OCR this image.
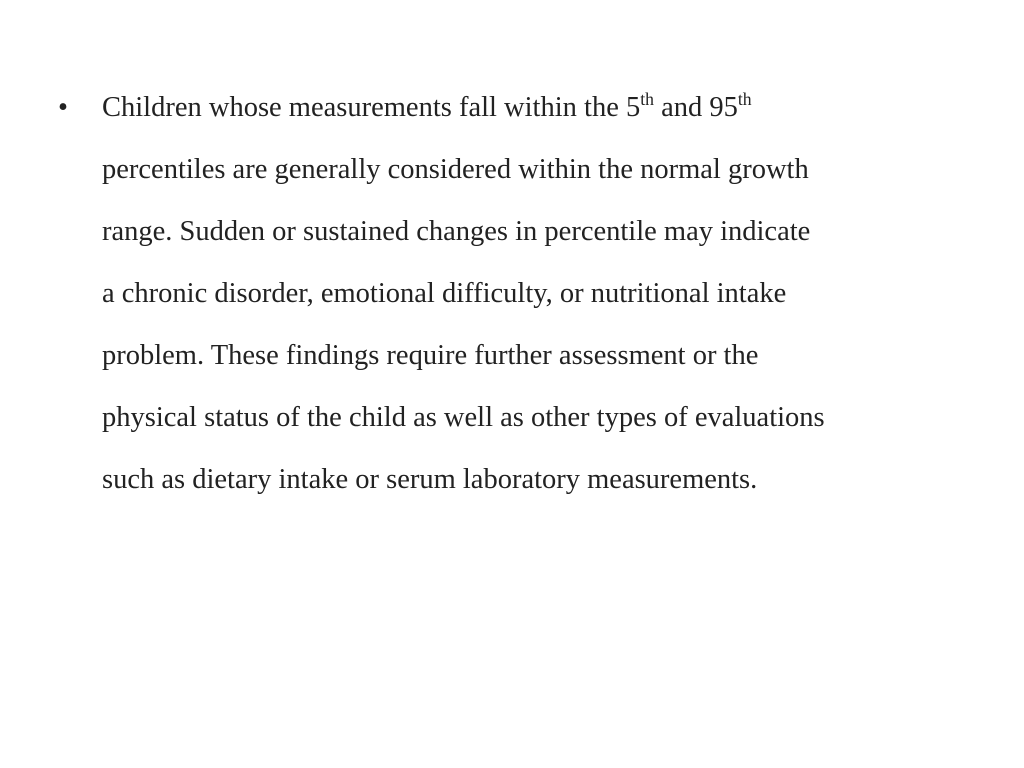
• Children whose measurements fall within the 5th and 95th
percentiles are generally considered within the normal growth
range. Sudden or sustained changes in percentile may indicate
a chronic disorder, emotional difficulty, or nutritional intake
problem. These findings require further assessment or the
physical status of the child as well as other types of evaluations
such as dietary intake or serum laboratory measurements.
